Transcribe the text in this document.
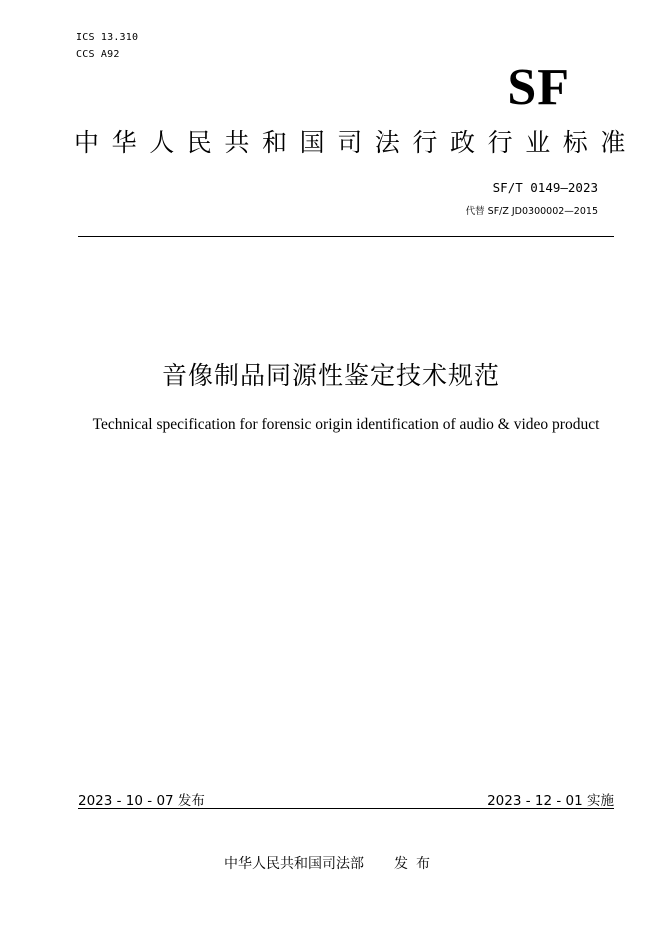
ICS 13.310
CCS A92
SF
中华人民共和国司法行政行业标准
SF/T 0149—2023
代替 SF/Z JD0300002—2015
音像制品同源性鉴定技术规范
Technical specification for forensic origin identification of audio & video product
2023 - 10 - 07 发布	2023 - 12 - 01 实施
中华人民共和国司法部 发布
